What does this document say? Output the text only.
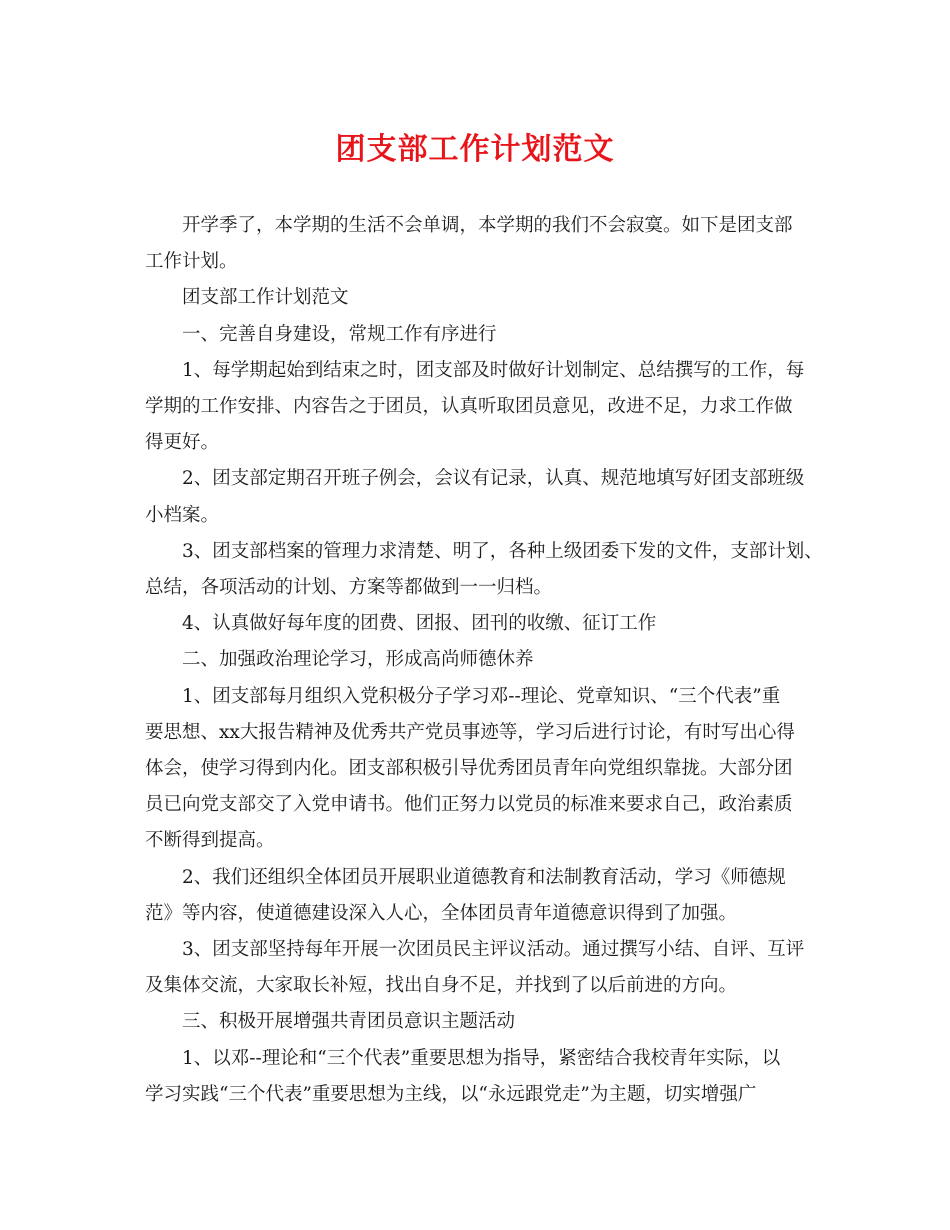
团支部工作计划范文
开学季了，本学期的生活不会单调，本学期的我们不会寂寞。如下是团支部
工作计划。
团支部工作计划范文
一、完善自身建设，常规工作有序进行
1、每学期起始到结束之时，团支部及时做好计划制定、总结撰写的工作，每
学期的工作安排、内容告之于团员，认真听取团员意见，改进不足，力求工作做
得更好。
2、团支部定期召开班子例会，会议有记录，认真、规范地填写好团支部班级
小档案。
3、团支部档案的管理力求清楚、明了，各种上级团委下发的文件，支部计划、
总结，各项活动的计划、方案等都做到一一归档。
4、认真做好每年度的团费、团报、团刊的收缴、征订工作
二、加强政治理论学习，形成高尚师德休养
1、团支部每月组织入党积极分子学习邓--理论、党章知识、“三个代表”重
要思想、xx大报告精神及优秀共产党员事迹等，学习后进行讨论，有时写出心得
体会，使学习得到内化。团支部积极引导优秀团员青年向党组织靠拢。大部分团
员已向党支部交了入党申请书。他们正努力以党员的标准来要求自己，政治素质
不断得到提高。
2、我们还组织全体团员开展职业道德教育和法制教育活动，学习《师德规
范》等内容，使道德建设深入人心，全体团员青年道德意识得到了加强。
3、团支部坚持每年开展一次团员民主评议活动。通过撰写小结、自评、互评
及集体交流，大家取长补短，找出自身不足，并找到了以后前进的方向。
三、积极开展增强共青团员意识主题活动
1、以邓--理论和“三个代表”重要思想为指导，紧密结合我校青年实际，以
学习实践“三个代表”重要思想为主线，以“永远跟党走”为主题，切实增强广
